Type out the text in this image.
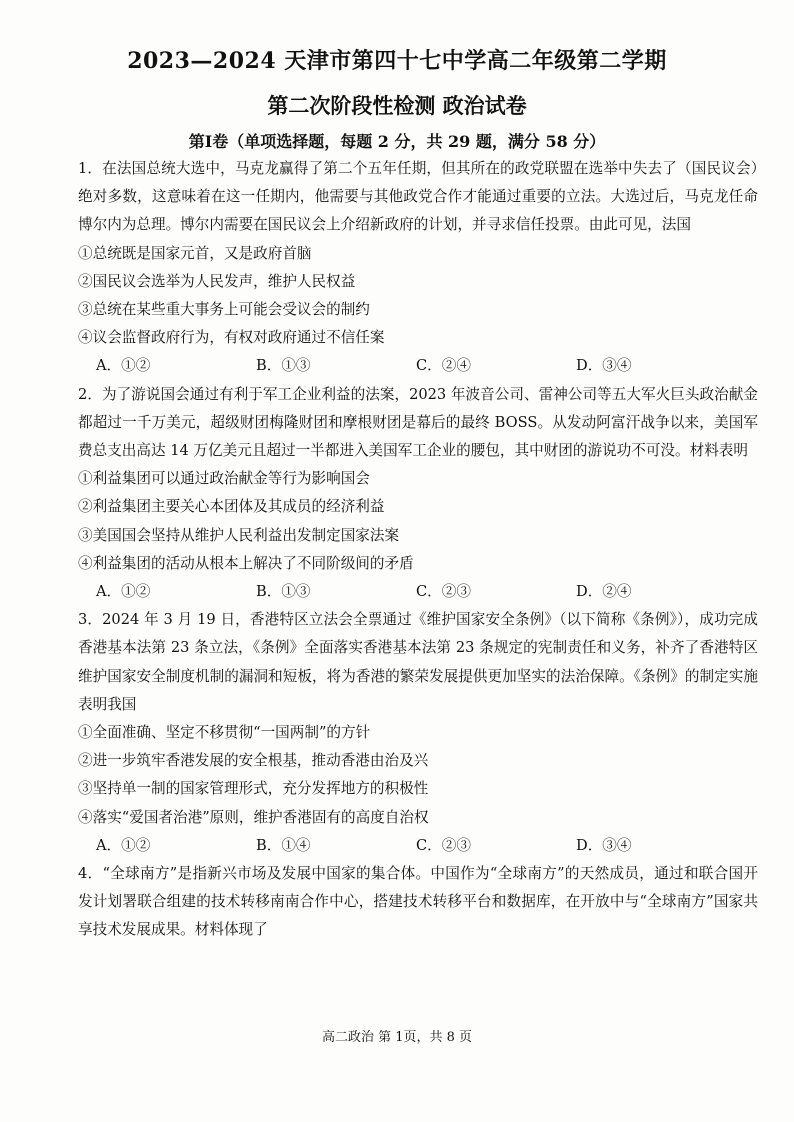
2023—2024 天津市第四十七中学高二年级第二学期
第二次阶段性检测 政治试卷
第Ⅰ卷（单项选择题，每题 2 分，共 29 题，满分 58 分）

1．在法国总统大选中，马克龙赢得了第二个五年任期，但其所在的政党联盟在选举中失去了（国民议会）绝对多数，这意味着在这一任期内，他需要与其他政党合作才能通过重要的立法。大选过后，马克龙任命博尔内为总理。博尔内需要在国民议会上介绍新政府的计划，并寻求信任投票。由此可见，法国

①总统既是国家元首，又是政府首脑

②国民议会选举为人民发声，维护人民权益

③总统在某些重大事务上可能会受议会的制约

④议会监督政府行为，有权对政府通过不信任案

A．①②	B．①③	C．②④	D．③④

2．为了游说国会通过有利于军工企业利益的法案，2023 年波音公司、雷神公司等五大军火巨头政治献金都超过一千万美元，超级财团梅隆财团和摩根财团是幕后的最终 BOSS。从发动阿富汗战争以来，美国军费总支出高达 14 万亿美元且超过一半都进入美国军工企业的腰包，其中财团的游说功不可没。材料表明

①利益集团可以通过政治献金等行为影响国会

②利益集团主要关心本团体及其成员的经济利益

③美国国会坚持从维护人民利益出发制定国家法案

④利益集团的活动从根本上解决了不同阶级间的矛盾

A．①②	B．①③	C．②③	D．②④

3．2024 年 3 月 19 日，香港特区立法会全票通过《维护国家安全条例》（以下简称《条例》），成功完成香港基本法第 23 条立法，《条例》全面落实香港基本法第 23 条规定的宪制责任和义务，补齐了香港特区维护国家安全制度机制的漏洞和短板，将为香港的繁荣发展提供更加坚实的法治保障。《条例》的制定实施表明我国

①全面准确、坚定不移贯彻“一国两制”的方针

②进一步筑牢香港发展的安全根基，推动香港由治及兴

③坚持单一制的国家管理形式，充分发挥地方的积极性

④落实“爱国者治港”原则，维护香港固有的高度自治权

A．①②	B．①④	C．②③	D．③④

4．“全球南方”是指新兴市场及发展中国家的集合体。中国作为“全球南方”的天然成员，通过和联合国开发计划署联合组建的技术转移南南合作中心，搭建技术转移平台和数据库，在开放中与“全球南方”国家共享技术发展成果。材料体现了

高二政治 第 1页，共 8 页
